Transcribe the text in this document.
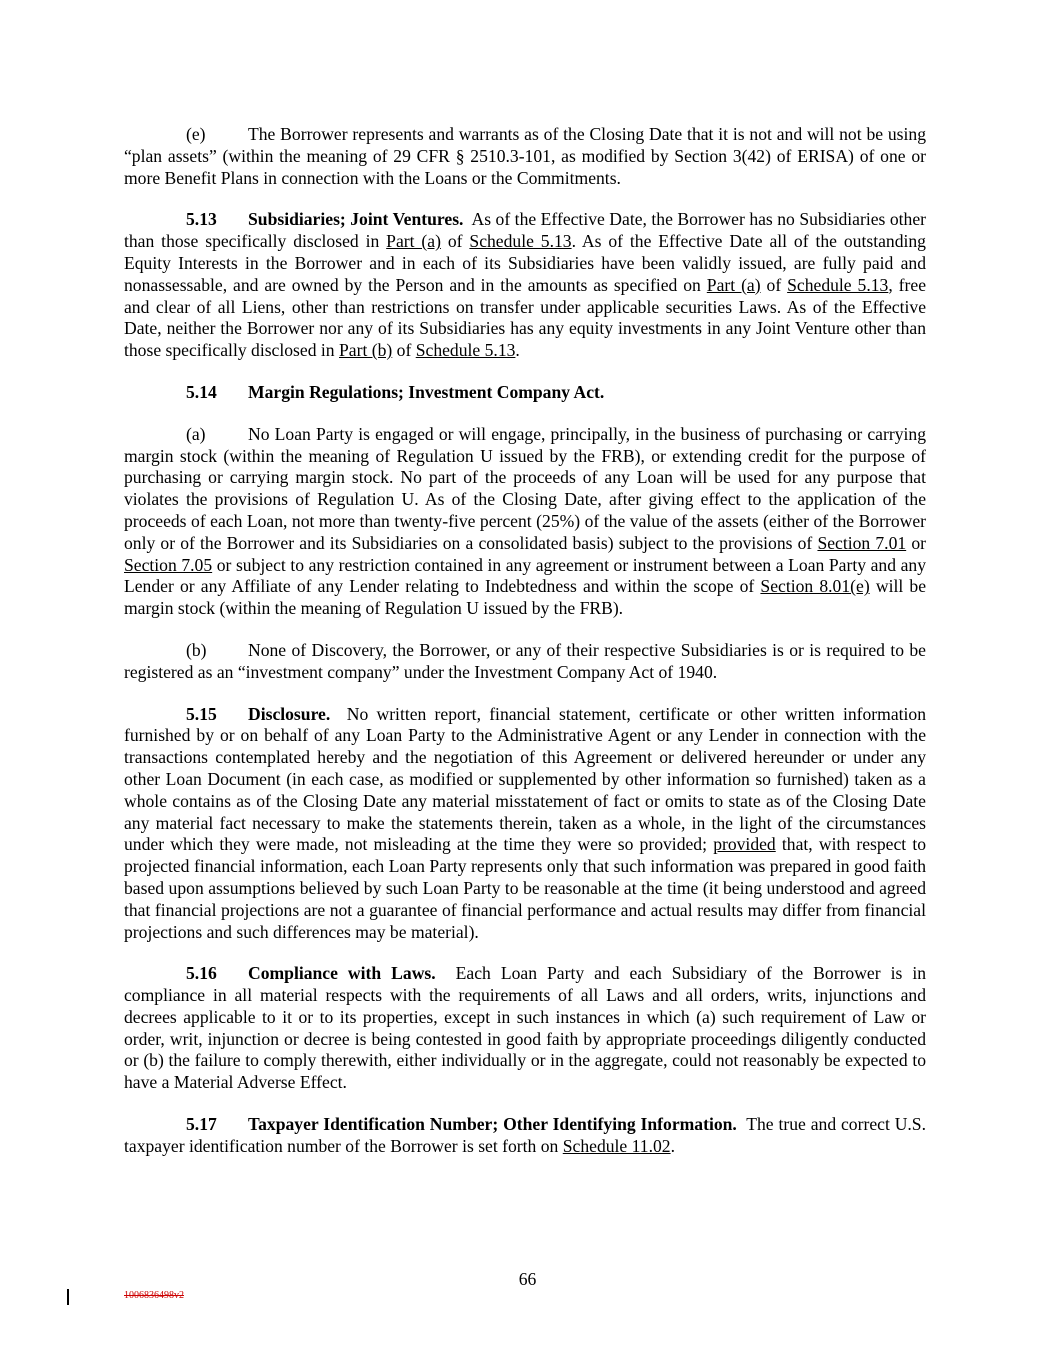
(e) The Borrower represents and warrants as of the Closing Date that it is not and will not be using “plan assets” (within the meaning of 29 CFR § 2510.3-101, as modified by Section 3(42) of ERISA) of one or more Benefit Plans in connection with the Loans or the Commitments.

5.13 Subsidiaries; Joint Ventures. As of the Effective Date, the Borrower has no Subsidiaries other than those specifically disclosed in Part (a) of Schedule 5.13. As of the Effective Date all of the outstanding Equity Interests in the Borrower and in each of its Subsidiaries have been validly issued, are fully paid and nonassessable, and are owned by the Person and in the amounts as specified on Part (a) of Schedule 5.13, free and clear of all Liens, other than restrictions on transfer under applicable securities Laws. As of the Effective Date, neither the Borrower nor any of its Subsidiaries has any equity investments in any Joint Venture other than those specifically disclosed in Part (b) of Schedule 5.13.

5.14 Margin Regulations; Investment Company Act.

(a) No Loan Party is engaged or will engage, principally, in the business of purchasing or carrying margin stock (within the meaning of Regulation U issued by the FRB), or extending credit for the purpose of purchasing or carrying margin stock. No part of the proceeds of any Loan will be used for any purpose that violates the provisions of Regulation U. As of the Closing Date, after giving effect to the application of the proceeds of each Loan, not more than twenty-five percent (25%) of the value of the assets (either of the Borrower only or of the Borrower and its Subsidiaries on a consolidated basis) subject to the provisions of Section 7.01 or Section 7.05 or subject to any restriction contained in any agreement or instrument between a Loan Party and any Lender or any Affiliate of any Lender relating to Indebtedness and within the scope of Section 8.01(e) will be margin stock (within the meaning of Regulation U issued by the FRB).

(b) None of Discovery, the Borrower, or any of their respective Subsidiaries is or is required to be registered as an “investment company” under the Investment Company Act of 1940.

5.15 Disclosure. No written report, financial statement, certificate or other written information furnished by or on behalf of any Loan Party to the Administrative Agent or any Lender in connection with the transactions contemplated hereby and the negotiation of this Agreement or delivered hereunder or under any other Loan Document (in each case, as modified or supplemented by other information so furnished) taken as a whole contains as of the Closing Date any material misstatement of fact or omits to state as of the Closing Date any material fact necessary to make the statements therein, taken as a whole, in the light of the circumstances under which they were made, not misleading at the time they were so provided; provided that, with respect to projected financial information, each Loan Party represents only that such information was prepared in good faith based upon assumptions believed by such Loan Party to be reasonable at the time (it being understood and agreed that financial projections are not a guarantee of financial performance and actual results may differ from financial projections and such differences may be material).

5.16 Compliance with Laws. Each Loan Party and each Subsidiary of the Borrower is in compliance in all material respects with the requirements of all Laws and all orders, writs, injunctions and decrees applicable to it or to its properties, except in such instances in which (a) such requirement of Law or order, writ, injunction or decree is being contested in good faith by appropriate proceedings diligently conducted or (b) the failure to comply therewith, either individually or in the aggregate, could not reasonably be expected to have a Material Adverse Effect.

5.17 Taxpayer Identification Number; Other Identifying Information. The true and correct U.S. taxpayer identification number of the Borrower is set forth on Schedule 11.02.

66
1006836498v2
